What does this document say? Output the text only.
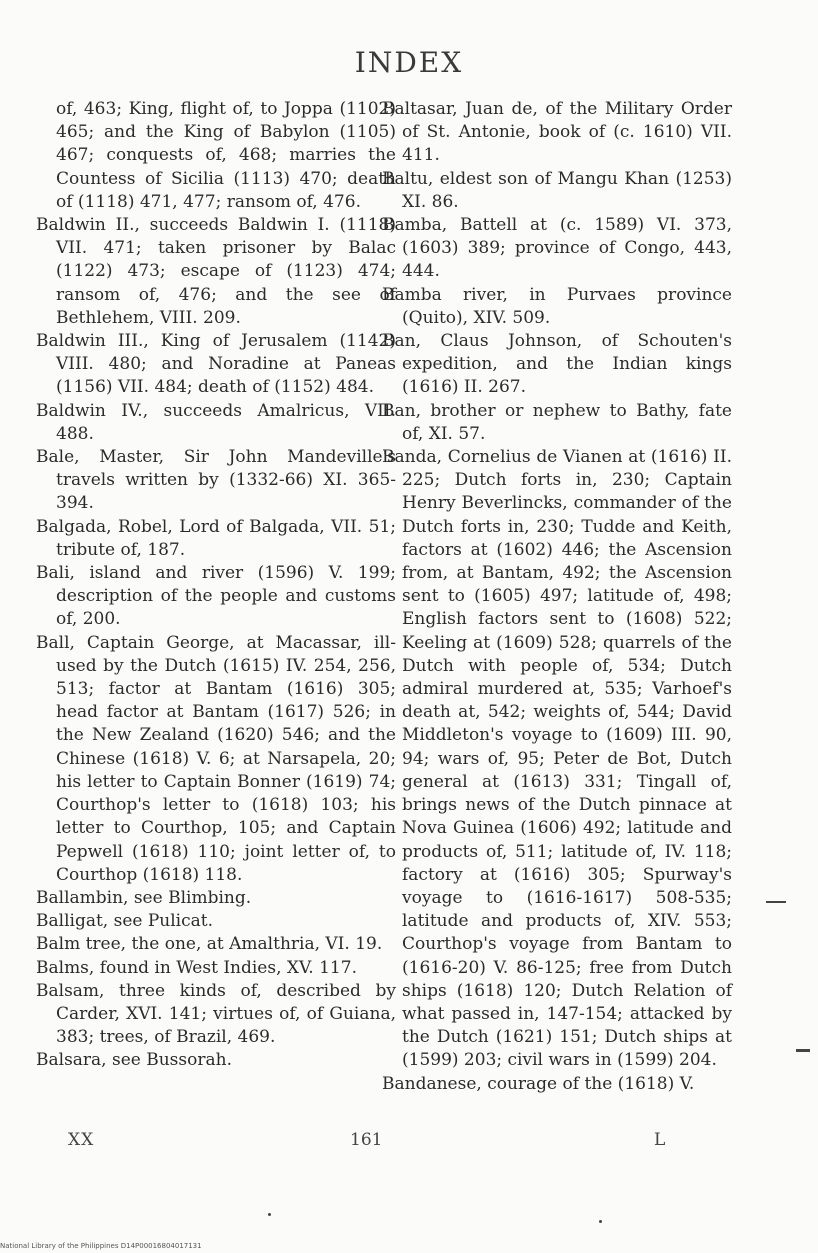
INDEX

of, 463; King, flight of, to Joppa (1102) 465; and the King of Babylon (1105) 467; conquests of, 468; marries the Countess of Sicilia (1113) 470; death of (1118) 471, 477; ransom of, 476.

Baldwin II., succeeds Baldwin I. (1118) VII. 471; taken prisoner by Balac (1122) 473; escape of (1123) 474; ransom of, 476; and the see of Bethlehem, VIII. 209.

Baldwin III., King of Jerusalem (1142) VIII. 480; and Noradine at Paneas (1156) VII. 484; death of (1152) 484.

Baldwin IV., succeeds Amalricus, VII. 488.

Bale, Master, Sir John Mandeville's travels written by (1332-66) XI. 365-394.

Balgada, Robel, Lord of Balgada, VII. 51; tribute of, 187.

Bali, island and river (1596) V. 199; description of the people and customs of, 200.

Ball, Captain George, at Macassar, ill-used by the Dutch (1615) IV. 254, 256, 513; factor at Bantam (1616) 305; head factor at Bantam (1617) 526; in the New Zealand (1620) 546; and the Chinese (1618) V. 6; at Narsapela, 20; his letter to Captain Bonner (1619) 74; Courthop's letter to (1618) 103; his letter to Courthop, 105; and Captain Pepwell (1618) 110; joint letter of, to Courthop (1618) 118.

Ballambin, see Blimbing.

Balligat, see Pulicat.

Balm tree, the one, at Amalthria, VI. 19.

Balms, found in West Indies, XV. 117.

Balsam, three kinds of, described by Carder, XVI. 141; virtues of, of Guiana, 383; trees, of Brazil, 469.

Balsara, see Bussorah.

Baltasar, Juan de, of the Military Order of St. Antonie, book of (c. 1610) VII. 411.

Baltu, eldest son of Mangu Khan (1253) XI. 86.

Bamba, Battell at (c. 1589) VI. 373, (1603) 389; province of Congo, 443, 444.

Bamba river, in Purvaes province (Quito), XIV. 509.

Ban, Claus Johnson, of Schouten's expedition, and the Indian kings (1616) II. 267.

Ban, brother or nephew to Bathy, fate of, XI. 57.

Banda, Cornelius de Vianen at (1616) II. 225; Dutch forts in, 230; Captain Henry Beverlincks, commander of the Dutch forts in, 230; Tudde and Keith, factors at (1602) 446; the Ascension from, at Bantam, 492; the Ascension sent to (1605) 497; latitude of, 498; English factors sent to (1608) 522; Keeling at (1609) 528; quarrels of the Dutch with people of, 534; Dutch admiral murdered at, 535; Varhoef's death at, 542; weights of, 544; David Middleton's voyage to (1609) III. 90, 94; wars of, 95; Peter de Bot, Dutch general at (1613) 331; Tingall of, brings news of the Dutch pinnace at Nova Guinea (1606) 492; latitude and products of, 511; latitude of, IV. 118; factory at (1616) 305; Spurway's voyage to (1616-1617) 508-535; latitude and products of, XIV. 553; Courthop's voyage from Bantam to (1616-20) V. 86-125; free from Dutch ships (1618) 120; Dutch Relation of what passed in, 147-154; attacked by the Dutch (1621) 151; Dutch ships at (1599) 203; civil wars in (1599) 204.

Bandanese, courage of the (1618) V.

XX	161	L
National Library of the Philippines D14P00016804017131
